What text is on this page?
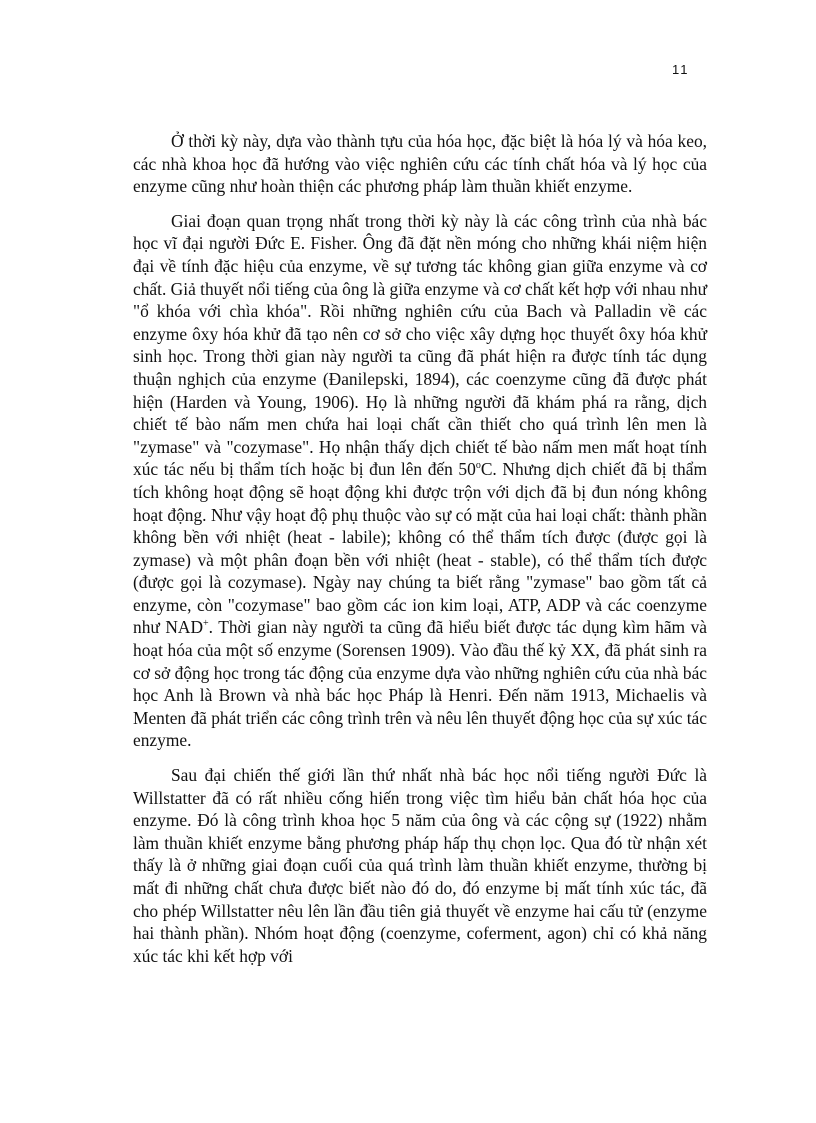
11

Ở thời kỳ này, dựa vào thành tựu của hóa học, đặc biệt là hóa lý và hóa keo, các nhà khoa học đã hướng vào việc nghiên cứu các tính chất hóa và lý học của enzyme cũng như hoàn thiện các phương pháp làm thuần khiết enzyme.

Giai đoạn quan trọng nhất trong thời kỳ này là các công trình của nhà bác học vĩ đại người Đức E. Fisher. Ông đã đặt nền móng cho những khái niệm hiện đại về tính đặc hiệu của enzyme, về sự tương tác không gian giữa enzyme và cơ chất. Giả thuyết nổi tiếng của ông là giữa enzyme và cơ chất kết hợp với nhau như "ổ khóa với chìa khóa". Rồi những nghiên cứu của Bach và Palladin về các enzyme ôxy hóa khử đã tạo nên cơ sở cho việc xây dựng học thuyết ôxy hóa khử sinh học. Trong thời gian này người ta cũng đã phát hiện ra được tính tác dụng thuận nghịch của enzyme (Đanilepski, 1894), các coenzyme cũng đã được phát hiện (Harden và Young, 1906). Họ là những người đã khám phá ra rằng, dịch chiết tế bào nấm men chứa hai loại chất cần thiết cho quá trình lên men là "zymase" và "cozymase". Họ nhận thấy dịch chiết tế bào nấm men mất hoạt tính xúc tác nếu bị thẩm tích hoặc bị đun lên đến 50$^o$C. Nhưng dịch chiết đã bị thẩm tích không hoạt động sẽ hoạt động khi được trộn với dịch đã bị đun nóng không hoạt động. Như vậy hoạt độ phụ thuộc vào sự có mặt của hai loại chất: thành phần không bền với nhiệt (heat - labile); không có thể thẩm tích được (được gọi là zymase) và một phân đoạn bền với nhiệt (heat - stable), có thể thẩm tích được (được gọi là cozymase). Ngày nay chúng ta biết rằng "zymase" bao gồm tất cả enzyme, còn "cozymase" bao gồm các ion kim loại, ATP, ADP và các coenzyme như NAD+. Thời gian này người ta cũng đã hiểu biết được tác dụng kìm hãm và hoạt hóa của một số enzyme (Sorensen 1909). Vào đầu thế kỷ XX, đã phát sinh ra cơ sở động học trong tác động của enzyme dựa vào những nghiên cứu của nhà bác học Anh là Brown và nhà bác học Pháp là Henri. Đến năm 1913, Michaelis và Menten đã phát triển các công trình trên và nêu lên thuyết động học của sự xúc tác enzyme.

Sau đại chiến thế giới lần thứ nhất nhà bác học nổi tiếng người Đức là Willstatter đã có rất nhiều cống hiến trong việc tìm hiểu bản chất hóa học của enzyme. Đó là công trình khoa học 5 năm của ông và các cộng sự (1922) nhằm làm thuần khiết enzyme bằng phương pháp hấp thụ chọn lọc. Qua đó từ nhận xét thấy là ở những giai đoạn cuối của quá trình làm thuần khiết enzyme, thường bị mất đi những chất chưa được biết nào đó do, đó enzyme bị mất tính xúc tác, đã cho phép Willstatter nêu lên lần đầu tiên giả thuyết về enzyme hai cấu tử (enzyme hai thành phần). Nhóm hoạt động (coenzyme, coferment, agon) chỉ có khả năng xúc tác khi kết hợp với
